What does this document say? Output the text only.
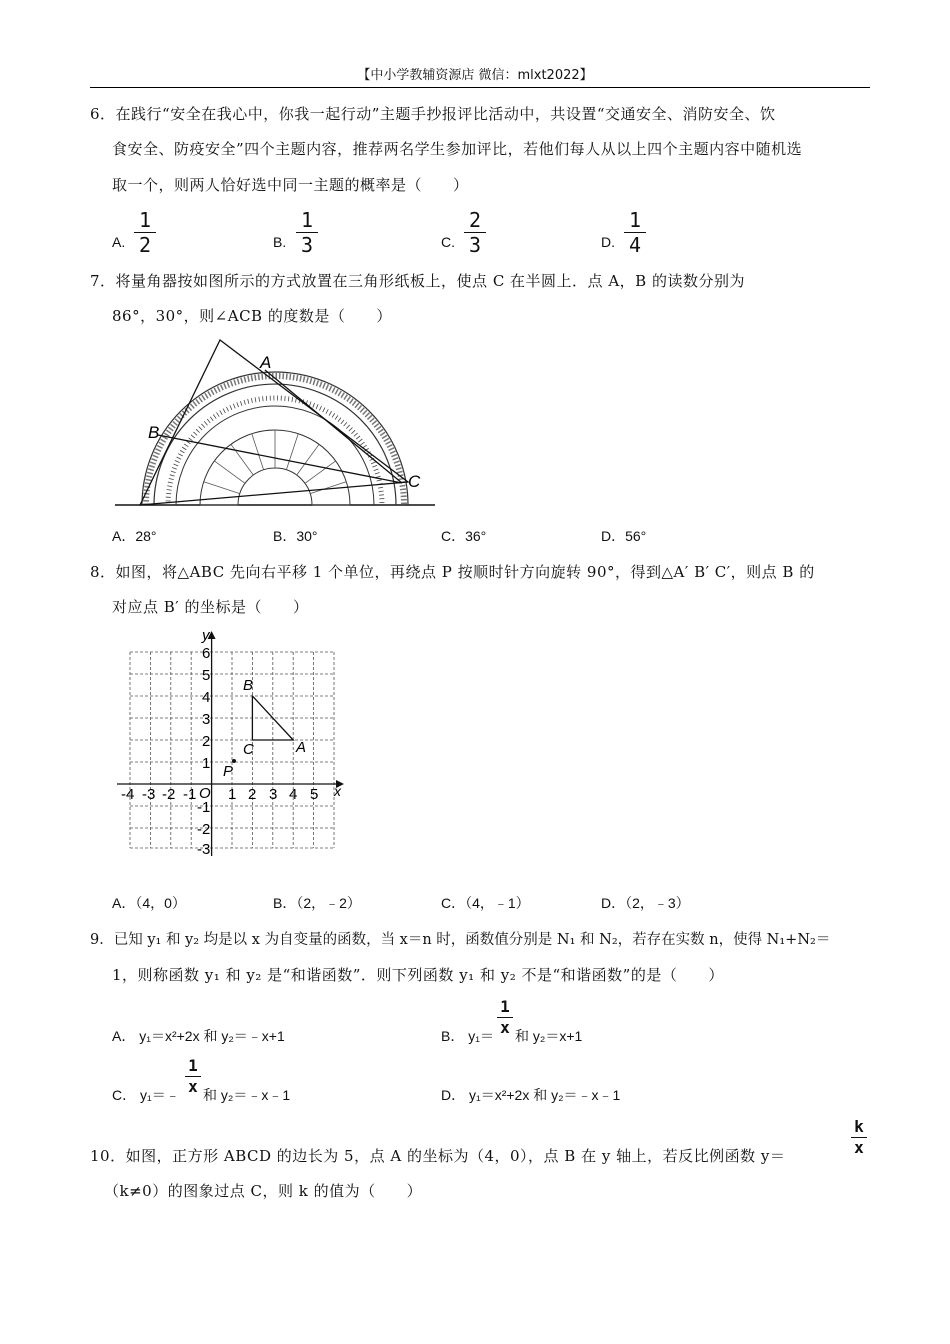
【中小学教辅资源店 微信：mlxt2022】
6．在践行“安全在我心中，你我一起行动”主题手抄报评比活动中，共设置“交通安全、消防安全、饮
食安全、防疫安全”四个主题内容，推荐两名学生参加评比，若他们每人从以上四个主题内容中随机选
取一个，则两人恰好选中同一主题的概率是（　　）
A.
1
2	B.
1
3	C.
2
3	D.
1
4
7．将量角器按如图所示的方式放置在三角形纸板上，使点 C 在半圆上．点 A，B 的读数分别为
86°，30°，则∠ACB 的度数是（　　）
A
B
C
A．28°	B．30°	C．36°	D．56°
8．如图，将△ABC 先向右平移 1 个单位，再绕点 P 按顺时针方向旋转 90°，得到△A′ B′ C′，则点 B 的
对应点 B′ 的坐标是（　　）
y
x
O
-4 -3 -2 -1 1 2 3 4 5
6
5
4
3
2
1
-1
-2
-3
B
C	A
P
A．（4，0）	B．（2，﹣2）	C．（4，﹣1）	D．（2，﹣3）
9．已知 y₁ 和 y₂ 均是以 x 为自变量的函数，当 x＝n 时，函数值分别是 N₁ 和 N₂，若存在实数 n，使得 N₁+N₂＝
1，则称函数 y₁ 和 y₂ 是“和谐函数”．则下列函数 y₁ 和 y₂ 不是“和谐函数”的是（　　）
A． y₁＝x²+2x 和 y₂＝﹣x+1	B． y₁＝
1
x 和 y₂＝x+1
C． y₁＝﹣
1
x 和 y₂＝﹣x﹣1	D． y₁＝x²+2x 和 y₂＝﹣x﹣1
10．如图，正方形 ABCD 的边长为 5，点 A 的坐标为（4，0），点 B 在 y 轴上，若反比例函数 y＝
k
x
（k≠0）的图象过点 C，则 k 的值为（　　）
